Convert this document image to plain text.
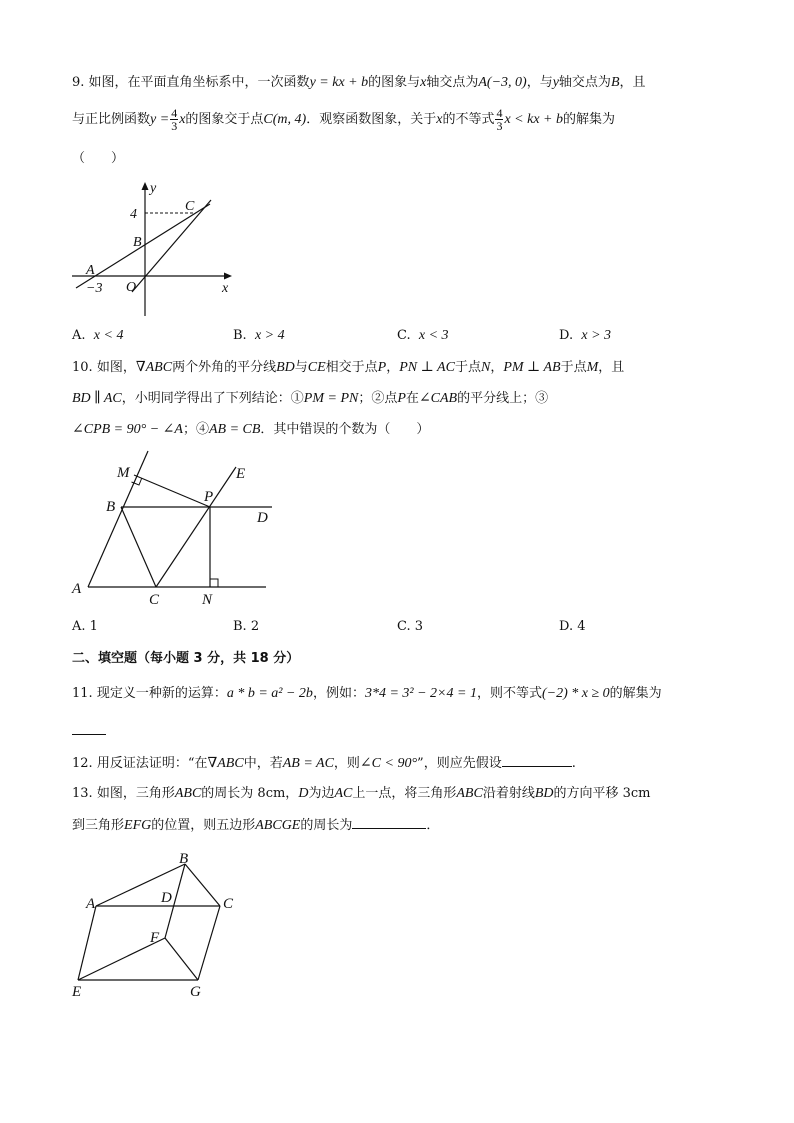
9. 如图，在平面直角坐标系中，一次函数y = kx + b的图象与x轴交点为A(−3, 0)，与y轴交点为B，且
与正比例函数$y = \frac{4}{3}$ x的图象交于点C(m, 4)．观察函数图象，关于x的不等式 $\frac{4}{3}$ x < kx + b的解集为
（　　）
y
x
4
C
B
A
−3 O
A. x < 4	B. x > 4	C. x < 3	D. x > 3
10. 如图，∇ABC两个外角的平分线BD与CE相交于点P，PN ⊥ AC于点N，PM ⊥ AB于点M，且
BD ∥ AC，小明同学得出了下列结论：①PM = PN；②点P在∠CAB的平分线上；③
∠CPB = 90° − ∠A；④AB = CB．其中错误的个数为（　　）
M	E
B
P
D
A
C	N
A. 1	B. 2	C. 3	D. 4
二、填空题（每小题 3 分，共 18 分）
11. 现定义一种新的运算：a * b = a² − 2b，例如：3*4 = 3² − 2×4 = 1，则不等式(−2) * x ≥ 0的解集为
12. 用反证法证明：“在∇ABC中，若AB = AC，则∠C < 90°”，则应先假设	.
13. 如图，三角形ABC的周长为 8cm，D为边AC上一点，将三角形ABC沿着射线BD的方向平移 3cm
到三角形EFG的位置，则五边形ABCGE的周长为	．
B
A	D	C
F
E	G
